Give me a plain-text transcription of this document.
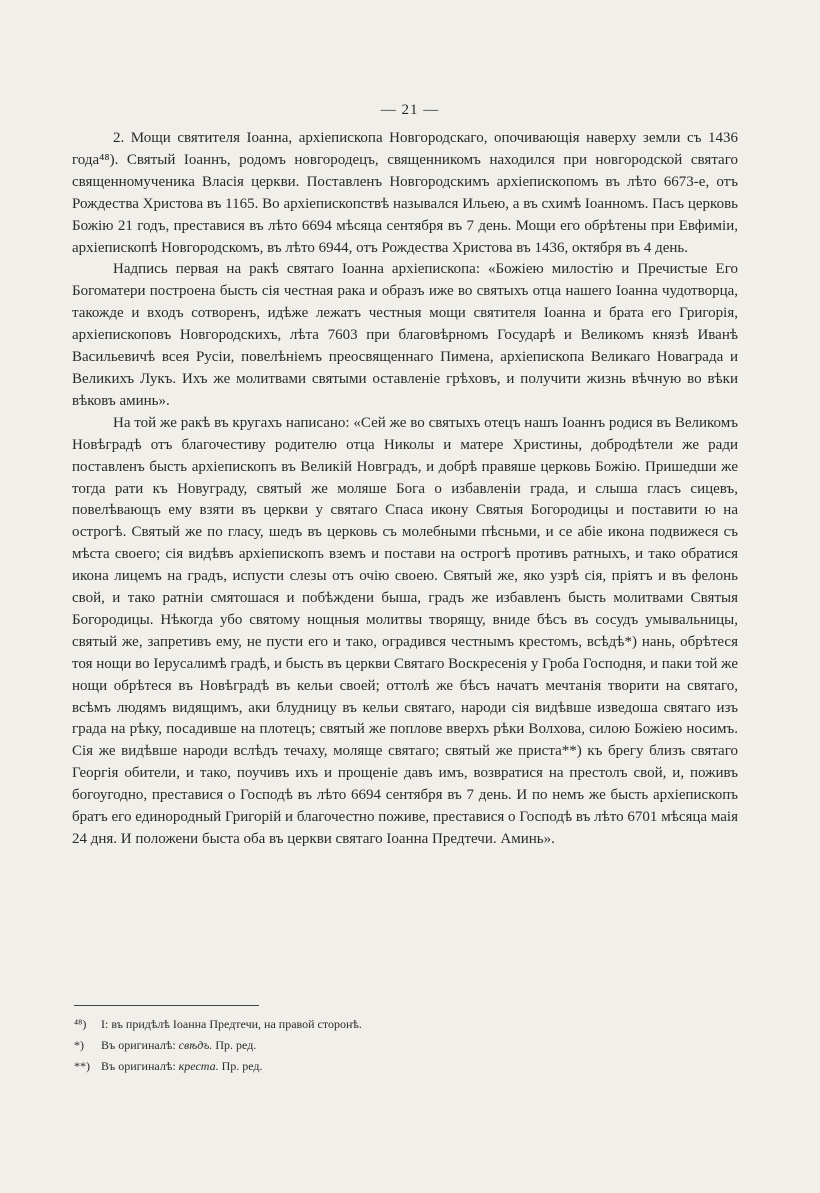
— 21 —

2. Мощи святителя Іоанна, архіепископа Новгородскаго, опочивающія наверху земли съ 1436 года⁴⁸). Святый Іоаннъ, родомъ новгородецъ, священникомъ находился при новгородской святаго священномученика Власія церкви. Поставленъ Новгородскимъ архіепископомъ въ лѣто 6673-е, отъ Рождества Христова въ 1165. Во архіепископствѣ назывался Ильею, а въ схимѣ Іоанномъ. Пасъ церковь Божію 21 годъ, преставися въ лѣто 6694 мѣсяца сентября въ 7 день. Мощи его обрѣтены при Евфиміи, архіепископѣ Новгородскомъ, въ лѣто 6944, отъ Рождества Христова въ 1436, октября въ 4 день.

Надпись первая на ракѣ святаго Іоанна архіепископа: «Божіею милостію и Пречистые Его Богоматери построена бысть сія честная рака и образъ иже во святыхъ отца нашего Іоанна чудотворца, такожде и входъ сотворенъ, идѣже лежатъ честныя мощи святителя Іоанна и брата его Григорія, архіепископовъ Новгородскихъ, лѣта 7603 при благовѣрномъ Государѣ и Великомъ князѣ Иванѣ Васильевичѣ всея Русіи, повелѣніемъ преосвященнаго Пимена, архіепископа Великаго Новаграда и Великихъ Лукъ. Ихъ же молитвами святыми оставленіе грѣховъ, и получити жизнь вѣчную во вѣки вѣковъ аминь».

На той же ракѣ въ кругахъ написано: «Сей же во святыхъ отецъ нашъ Іоаннъ родися въ Великомъ Новѣградѣ отъ благочестиву родителю отца Николы и матере Христины, добродѣтели же ради поставленъ бысть архіепископъ въ Великій Новградъ, и добрѣ правяше церковь Божію. Пришедши же тогда рати къ Новуграду, святый же моляше Бога о избавленіи града, и слыша гласъ сицевъ, повелѣвающъ ему взяти въ церкви у святаго Спаса икону Святыя Богородицы и поставити ю на острогѣ. Святый же по гласу, шедъ въ церковь съ молебными пѣсньми, и се абіе икона подвижеся съ мѣста своего; сія видѣвъ архіепископъ вземъ и постави на острогѣ противъ ратныхъ, и тако обратися икона лицемъ на градъ, испусти слезы отъ очію своею. Святый же, яко узрѣ сія, пріятъ и въ фелонь свой, и тако ратніи смятошася и побѣждени быша, градъ же избавленъ бысть молитвами Святыя Богородицы. Нѣкогда убо святому нощныя молитвы творящу, вниде бѣсъ въ сосудъ умывальницы, святый же, запретивъ ему, не пусти его и тако, оградився честнымъ крестомъ, всѣдѣ*) нань, обрѣтеся тоя нощи во Іерусалимѣ градѣ, и бысть въ церкви Святаго Воскресенія у Гроба Господня, и паки той же нощи обрѣтеся въ Новѣградѣ въ кельи своей; оттолѣ же бѣсъ начатъ мечтанія творити на святаго, всѣмъ людямъ видящимъ, аки блудницу въ кельи святаго, народи сія видѣвше изведоша святаго изъ града на рѣку, посадивше на плотецъ; святый же поплове вверхъ рѣки Волхова, силою Божіею носимъ. Сія же видѣвше народи вслѣдъ течаху, моляще святаго; святый же приста**) къ брегу близъ святаго Георгія обители, и тако, поучивъ ихъ и прощеніе давъ имъ, возвратися на престолъ свой, и, поживъ богоугодно, преставися о Господѣ въ лѣто 6694 сентября въ 7 день. И по немъ же бысть архіепископъ братъ его единородный Григорій и благочестно поживе, преставися о Господѣ въ лѣто 6701 мѣсяца маія 24 дня. И положени быста оба въ церкви святаго Іоанна Предтечи. Аминь».

⁴⁸) I: въ придѣлѣ Іоанна Предтечи, на правой сторонѣ.

*) Въ оригиналѣ: свѣдъ. Пр. ред.

**) Въ оригиналѣ: креста. Пр. ред.
